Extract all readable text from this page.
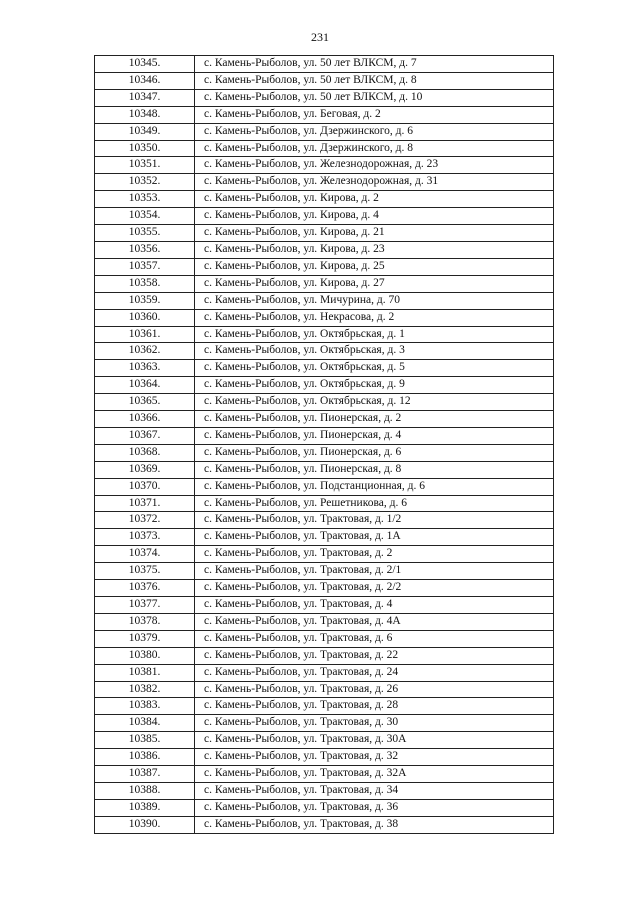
231
10345.	с. Камень-Рыболов, ул. 50 лет ВЛКСМ, д. 7
10346.	с. Камень-Рыболов, ул. 50 лет ВЛКСМ, д. 8
10347.	с. Камень-Рыболов, ул. 50 лет ВЛКСМ, д. 10
10348.	с. Камень-Рыболов, ул. Беговая, д. 2
10349.	с. Камень-Рыболов, ул. Дзержинского, д. 6
10350.	с. Камень-Рыболов, ул. Дзержинского, д. 8
10351.	с. Камень-Рыболов, ул. Железнодорожная, д. 23
10352.	с. Камень-Рыболов, ул. Железнодорожная, д. 31
10353.	с. Камень-Рыболов, ул. Кирова, д. 2
10354.	с. Камень-Рыболов, ул. Кирова, д. 4
10355.	с. Камень-Рыболов, ул. Кирова, д. 21
10356.	с. Камень-Рыболов, ул. Кирова, д. 23
10357.	с. Камень-Рыболов, ул. Кирова, д. 25
10358.	с. Камень-Рыболов, ул. Кирова, д. 27
10359.	с. Камень-Рыболов, ул. Мичурина, д. 70
10360.	с. Камень-Рыболов, ул. Некрасова, д. 2
10361.	с. Камень-Рыболов, ул. Октябрьская, д. 1
10362.	с. Камень-Рыболов, ул. Октябрьская, д. 3
10363.	с. Камень-Рыболов, ул. Октябрьская, д. 5
10364.	с. Камень-Рыболов, ул. Октябрьская, д. 9
10365.	с. Камень-Рыболов, ул. Октябрьская, д. 12
10366.	с. Камень-Рыболов, ул. Пионерская, д. 2
10367.	с. Камень-Рыболов, ул. Пионерская, д. 4
10368.	с. Камень-Рыболов, ул. Пионерская, д. 6
10369.	с. Камень-Рыболов, ул. Пионерская, д. 8
10370.	с. Камень-Рыболов, ул. Подстанционная, д. 6
10371.	с. Камень-Рыболов, ул. Решетникова, д. 6
10372.	с. Камень-Рыболов, ул. Трактовая, д. 1/2
10373.	с. Камень-Рыболов, ул. Трактовая, д. 1А
10374.	с. Камень-Рыболов, ул. Трактовая, д. 2
10375.	с. Камень-Рыболов, ул. Трактовая, д. 2/1
10376.	с. Камень-Рыболов, ул. Трактовая, д. 2/2
10377.	с. Камень-Рыболов, ул. Трактовая, д. 4
10378.	с. Камень-Рыболов, ул. Трактовая, д. 4А
10379.	с. Камень-Рыболов, ул. Трактовая, д. 6
10380.	с. Камень-Рыболов, ул. Трактовая, д. 22
10381.	с. Камень-Рыболов, ул. Трактовая, д. 24
10382.	с. Камень-Рыболов, ул. Трактовая, д. 26
10383.	с. Камень-Рыболов, ул. Трактовая, д. 28
10384.	с. Камень-Рыболов, ул. Трактовая, д. 30
10385.	с. Камень-Рыболов, ул. Трактовая, д. 30А
10386.	с. Камень-Рыболов, ул. Трактовая, д. 32
10387.	с. Камень-Рыболов, ул. Трактовая, д. 32А
10388.	с. Камень-Рыболов, ул. Трактовая, д. 34
10389.	с. Камень-Рыболов, ул. Трактовая, д. 36
10390.	с. Камень-Рыболов, ул. Трактовая, д. 38
